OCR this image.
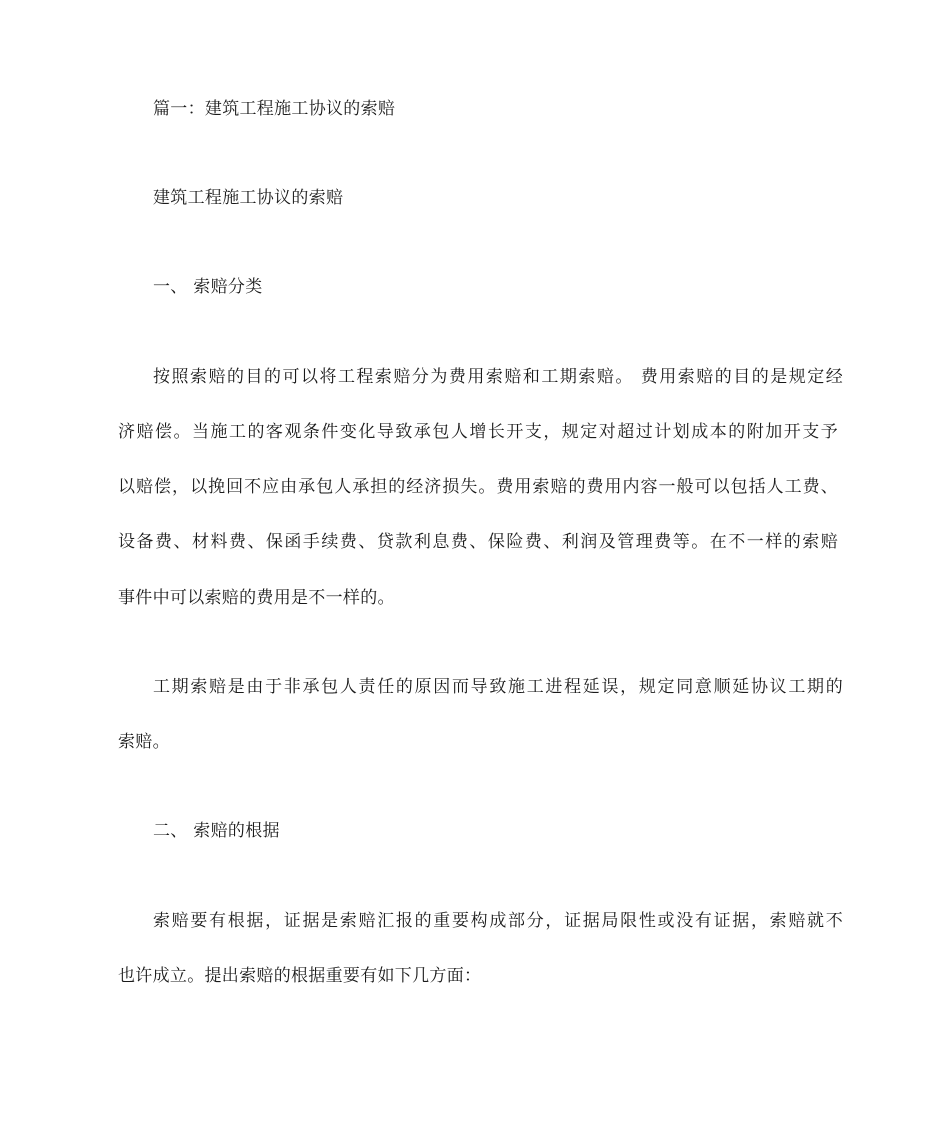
篇一：建筑工程施工协议的索赔
建筑工程施工协议的索赔
一、 索赔分类
按照索赔的目的可以将工程索赔分为费用索赔和工期索赔。 费用索赔的目的是规定经
济赔偿。当施工的客观条件变化导致承包人增长开支，规定对超过计划成本的附加开支予
以赔偿，以挽回不应由承包人承担的经济损失。费用索赔的费用内容一般可以包括人工费、
设备费、材料费、保函手续费、贷款利息费、保险费、利润及管理费等。在不一样的索赔
事件中可以索赔的费用是不一样的。
工期索赔是由于非承包人责任的原因而导致施工进程延误，规定同意顺延协议工期的
索赔。
二、 索赔的根据
索赔要有根据，证据是索赔汇报的重要构成部分，证据局限性或没有证据，索赔就不
也许成立。提出索赔的根据重要有如下几方面：
